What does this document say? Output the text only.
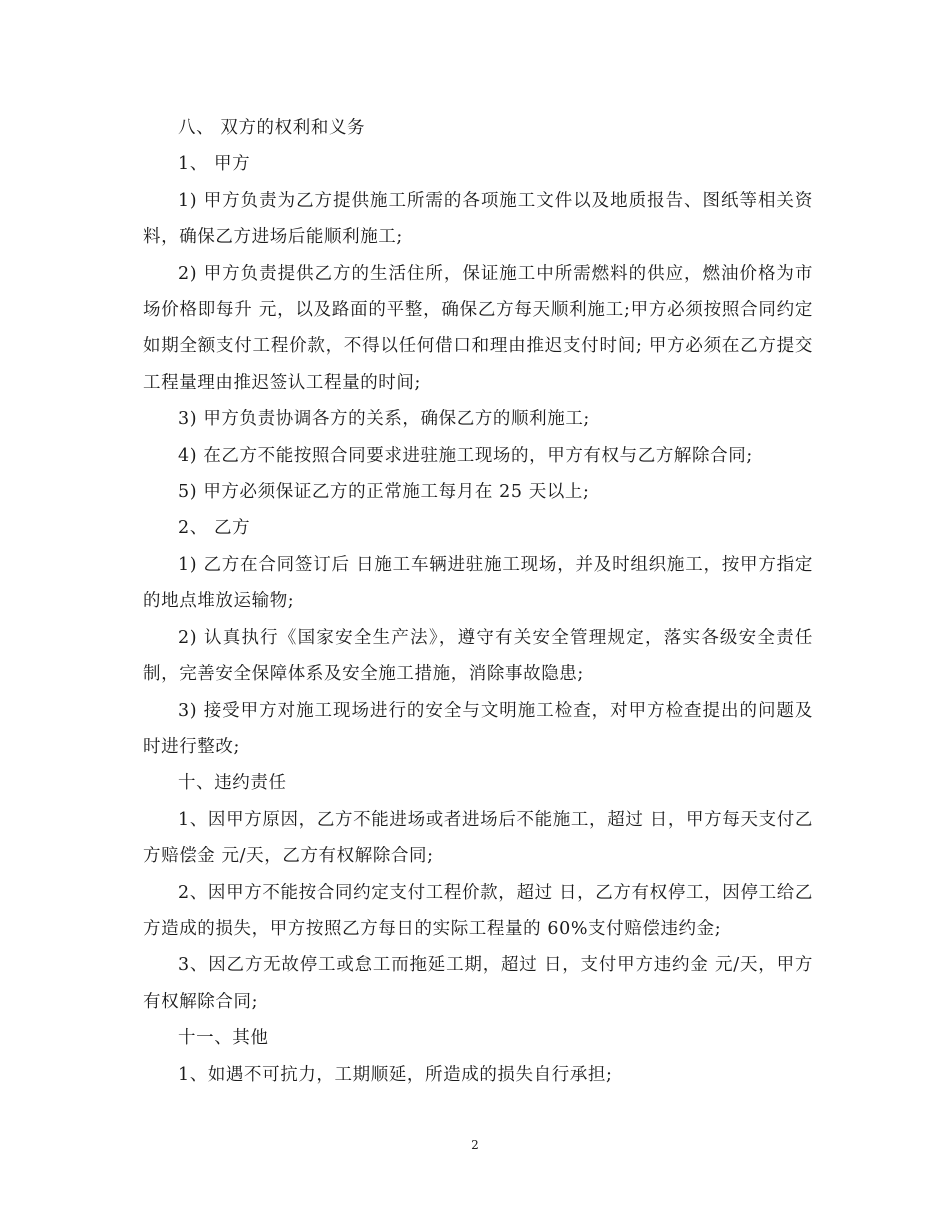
八、 双方的权利和义务

1、 甲方

1) 甲方负责为乙方提供施工所需的各项施工文件以及地质报告、图纸等相关资料，确保乙方进场后能顺利施工;

2) 甲方负责提供乙方的生活住所，保证施工中所需燃料的供应，燃油价格为市场价格即每升 元，以及路面的平整，确保乙方每天顺利施工;甲方必须按照合同约定如期全额支付工程价款，不得以任何借口和理由推迟支付时间; 甲方必须在乙方提交工程量理由推迟签认工程量的时间;

3) 甲方负责协调各方的关系，确保乙方的顺利施工;

4) 在乙方不能按照合同要求进驻施工现场的，甲方有权与乙方解除合同;

5) 甲方必须保证乙方的正常施工每月在 25 天以上;

2、 乙方

1) 乙方在合同签订后 日施工车辆进驻施工现场，并及时组织施工，按甲方指定的地点堆放运输物;

2) 认真执行《国家安全生产法》，遵守有关安全管理规定，落实各级安全责任制，完善安全保障体系及安全施工措施，消除事故隐患;

3) 接受甲方对施工现场进行的安全与文明施工检查，对甲方检查提出的问题及时进行整改;

十、违约责任

1、因甲方原因，乙方不能进场或者进场后不能施工，超过 日，甲方每天支付乙方赔偿金 元/天，乙方有权解除合同;

2、因甲方不能按合同约定支付工程价款，超过 日，乙方有权停工，因停工给乙方造成的损失，甲方按照乙方每日的实际工程量的 60%支付赔偿违约金;

3、因乙方无故停工或怠工而拖延工期，超过 日，支付甲方违约金 元/天，甲方有权解除合同;

十一、其他

1、如遇不可抗力，工期顺延，所造成的损失自行承担;

2
